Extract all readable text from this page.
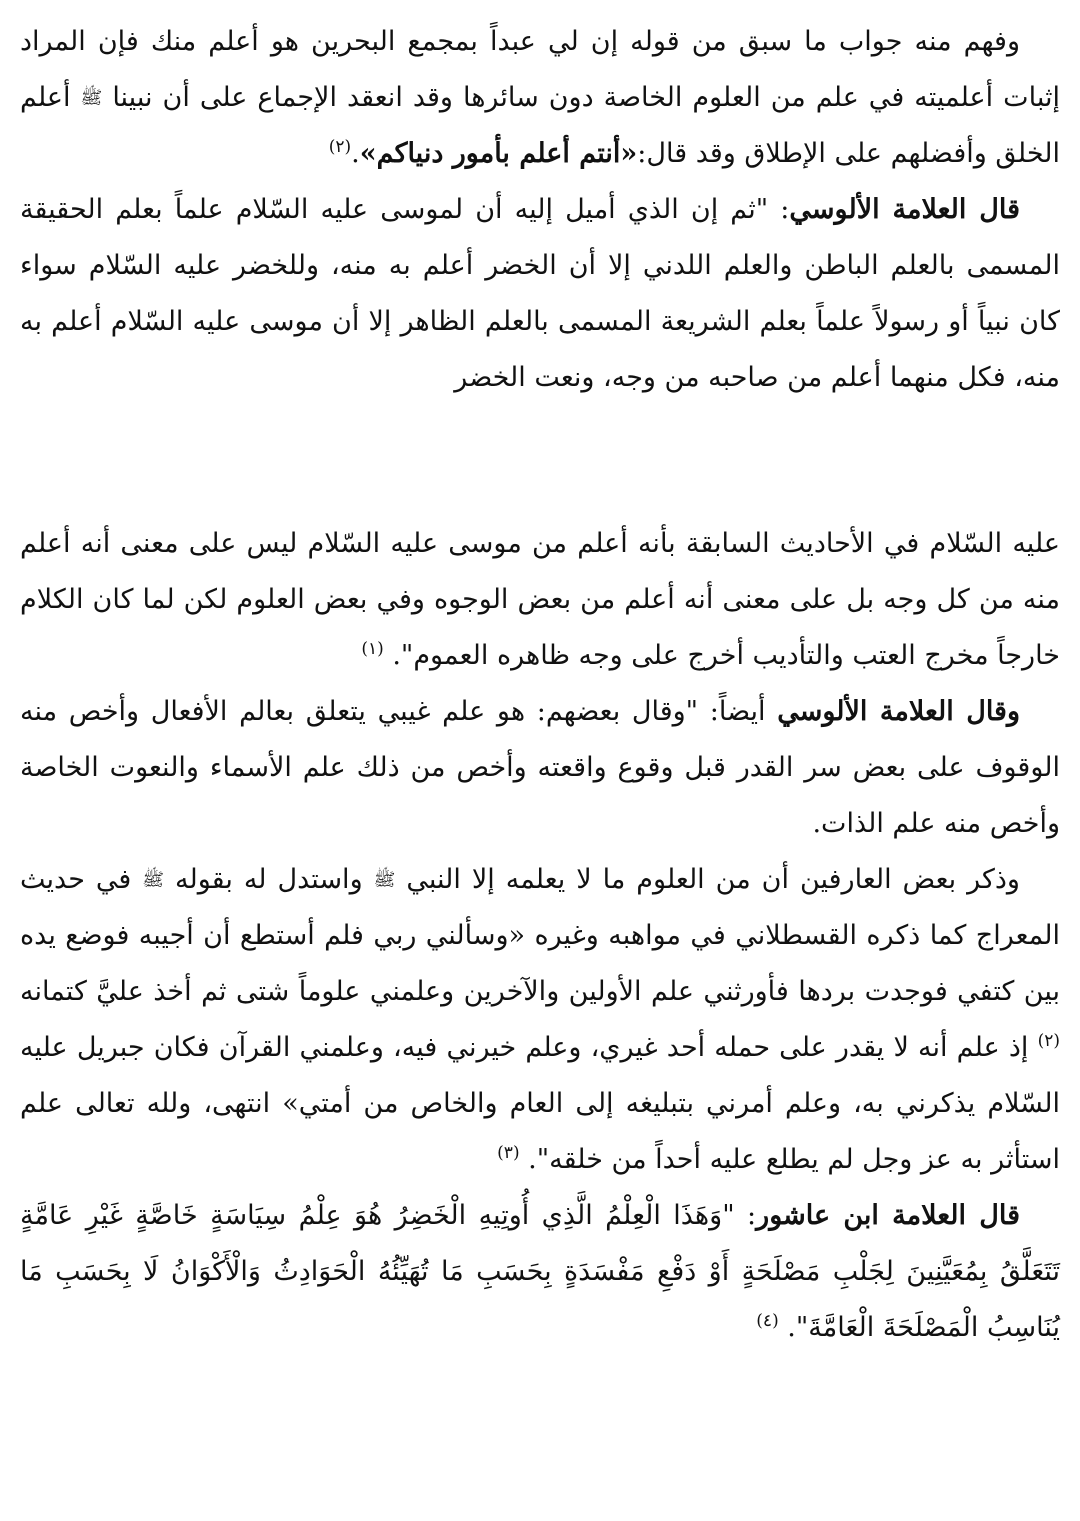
وفهم منه جواب ما سبق من قوله إن لي عبداً بمجمع البحرين هو أعلم منك فإن المراد إثبات أعلميته في علم من العلوم الخاصة دون سائرها وقد انعقد الإجماع على أن نبينا ﷺ أعلم الخلق وأفضلهم على الإطلاق وقد قال:«أنتم أعلم بأمور دنياكم».$^{(٢)}$

قال العلامة الألوسي: "ثم إن الذي أميل إليه أن لموسى عليه السّلام علماً بعلم الحقيقة المسمى بالعلم الباطن والعلم اللدني إلا أن الخضر أعلم به منه، وللخضر عليه السّلام سواء كان نبياً أو رسولاً علماً بعلم الشريعة المسمى بالعلم الظاهر إلا أن موسى عليه السّلام أعلم به منه، فكل منهما أعلم من صاحبه من وجه، ونعت الخضر

عليه السّلام في الأحاديث السابقة بأنه أعلم من موسى عليه السّلام ليس على معنى أنه أعلم منه من كل وجه بل على معنى أنه أعلم من بعض الوجوه وفي بعض العلوم لكن لما كان الكلام خارجاً مخرج العتب والتأديب أخرج على وجه ظاهره العموم". $^{(١)}$

وقال العلامة الألوسي أيضاً: "وقال بعضهم: هو علم غيبي يتعلق بعالم الأفعال وأخص منه الوقوف على بعض سر القدر قبل وقوع واقعته وأخص من ذلك علم الأسماء والنعوت الخاصة وأخص منه علم الذات.

وذكر بعض العارفين أن من العلوم ما لا يعلمه إلا النبي ﷺ واستدل له بقوله ﷺ في حديث المعراج كما ذكره القسطلاني في مواهبه وغيره «وسألني ربي فلم أستطع أن أجيبه فوضع يده بين كتفي فوجدت بردها فأورثني علم الأولين والآخرين وعلمني علوماً شتى ثم أخذ عليَّ كتمانه $^{(٢)}$ إذ علم أنه لا يقدر على حمله أحد غيري، وعلم خيرني فيه، وعلمني القرآن فكان جبريل عليه السّلام يذكرني به، وعلم أمرني بتبليغه إلى العام والخاص من أمتي» انتهى، ولله تعالى علم استأثر به عز وجل لم يطلع عليه أحداً من خلقه". $^{(٣)}$

قال العلامة ابن عاشور: "وَهَذَا الْعِلْمُ الَّذِي أُوتِيهِ الْخَضِرُ هُوَ عِلْمُ سِيَاسَةٍ خَاصَّةٍ غَيْرِ عَامَّةٍ تَتَعَلَّقُ بِمُعَيَّنِينَ لِجَلْبِ مَصْلَحَةٍ أَوْ دَفْعِ مَفْسَدَةٍ بِحَسَبِ مَا تُهَيِّئُهُ الْحَوَادِثُ وَالْأَكْوَانُ لَا بِحَسَبِ مَا يُنَاسِبُ الْمَصْلَحَةَ الْعَامَّةَ". $^{(٤)}$
